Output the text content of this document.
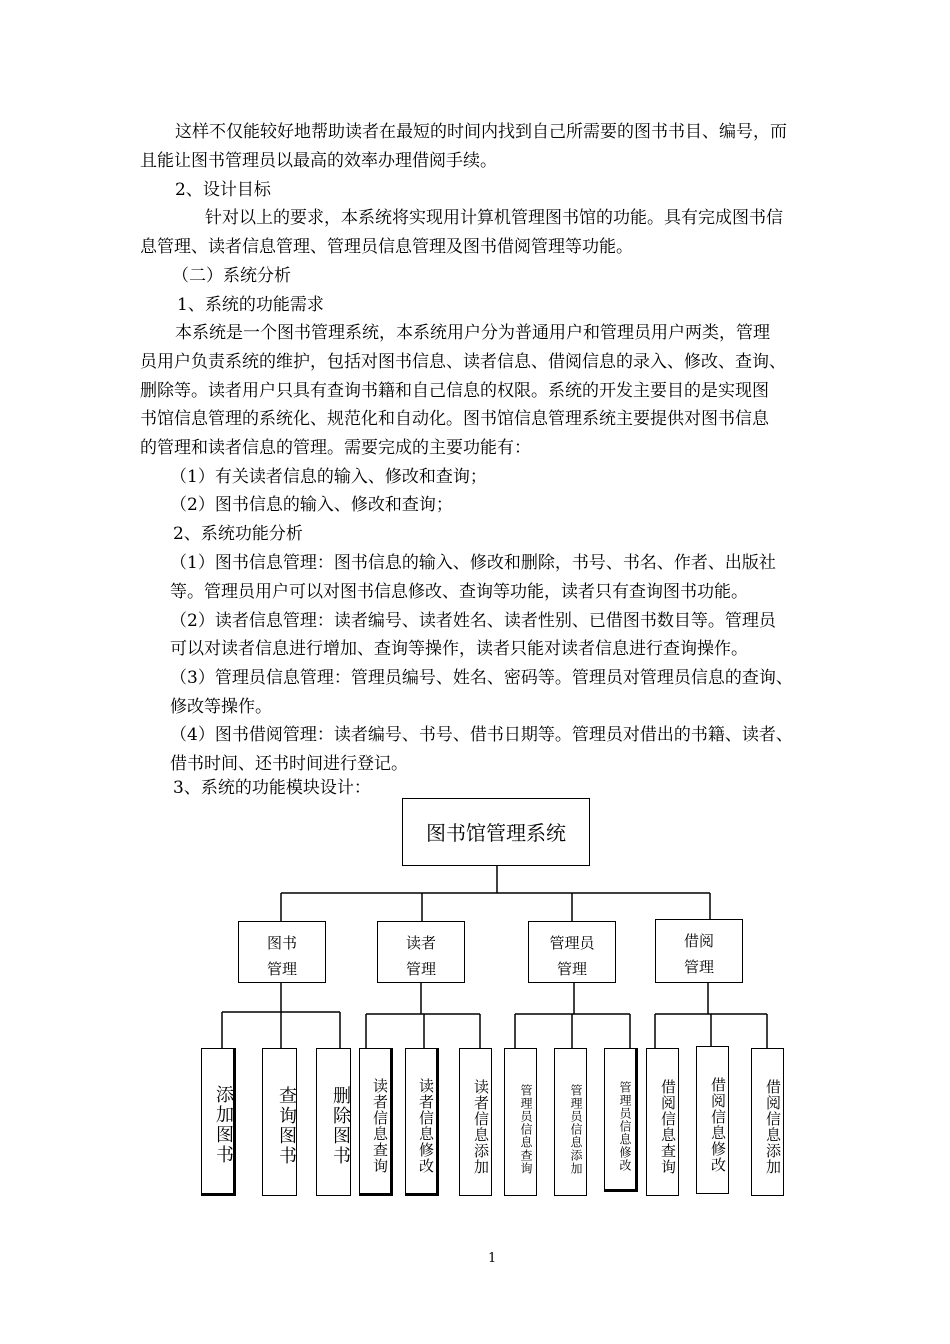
这样不仅能较好地帮助读者在最短的时间内找到自己所需要的图书书目、编号，而
且能让图书管理员以最高的效率办理借阅手续。
2、设计目标
针对以上的要求，本系统将实现用计算机管理图书馆的功能。具有完成图书信
息管理、读者信息管理、管理员信息管理及图书借阅管理等功能。
（二）系统分析
1、系统的功能需求
本系统是一个图书管理系统，本系统用户分为普通用户和管理员用户两类，管理
员用户负责系统的维护，包括对图书信息、读者信息、借阅信息的录入、修改、查询、
删除等。读者用户只具有查询书籍和自己信息的权限。系统的开发主要目的是实现图
书馆信息管理的系统化、规范化和自动化。图书馆信息管理系统主要提供对图书信息
的管理和读者信息的管理。需要完成的主要功能有：
（1）有关读者信息的输入、修改和查询；
（2）图书信息的输入、修改和查询；
2、系统功能分析
（1）图书信息管理：图书信息的输入、修改和删除，书号、书名、作者、出版社
等。管理员用户可以对图书信息修改、查询等功能，读者只有查询图书功能。
（2）读者信息管理：读者编号、读者姓名、读者性别、已借图书数目等。管理员
可以对读者信息进行增加、查询等操作，读者只能对读者信息进行查询操作。
（3）管理员信息管理：管理员编号、姓名、密码等。管理员对管理员信息的查询、
修改等操作。
（4）图书借阅管理：读者编号、书号、借书日期等。管理员对借出的书籍、读者、
借书时间、还书时间进行登记。
3、系统的功能模块设计：
图书馆管理系统
图书
管理
读者
管理
管理员
管理
借阅
管理
添加图书 查询图书 删除图书 读者信息查询 读者信息修改 读者信息添加 管理员信息查询	管理员信息添加	管理员信息修改 借阅信息查询 借阅信息修改 借阅信息添加
1
